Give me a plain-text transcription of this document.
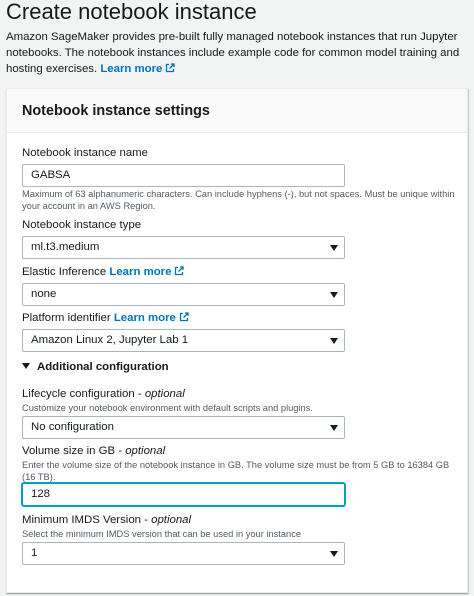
Create notebook instance
Amazon SageMaker provides pre-built fully managed notebook instances that run Jupyter notebooks. The notebook instances include example code for common model training and hosting exercises. Learn more
Notebook instance settings
Notebook instance name
GABSA
Maximum of 63 alphanumeric characters. Can include hyphens (-), but not spaces. Must be unique within your account in an AWS Region.
Notebook instance type
ml.t3.medium
Elastic Inference Learn more
none
Platform identifier Learn more
Amazon Linux 2, Jupyter Lab 1
Additional configuration
Lifecycle configuration - optional
Customize your notebook environment with default scripts and plugins.
No configuration
Volume size in GB - optional
Enter the volume size of the notebook instance in GB. The volume size must be from 5 GB to 16384 GB (16 TB).
128
Minimum IMDS Version - optional
Select the minimum IMDS version that can be used in your instance
1
